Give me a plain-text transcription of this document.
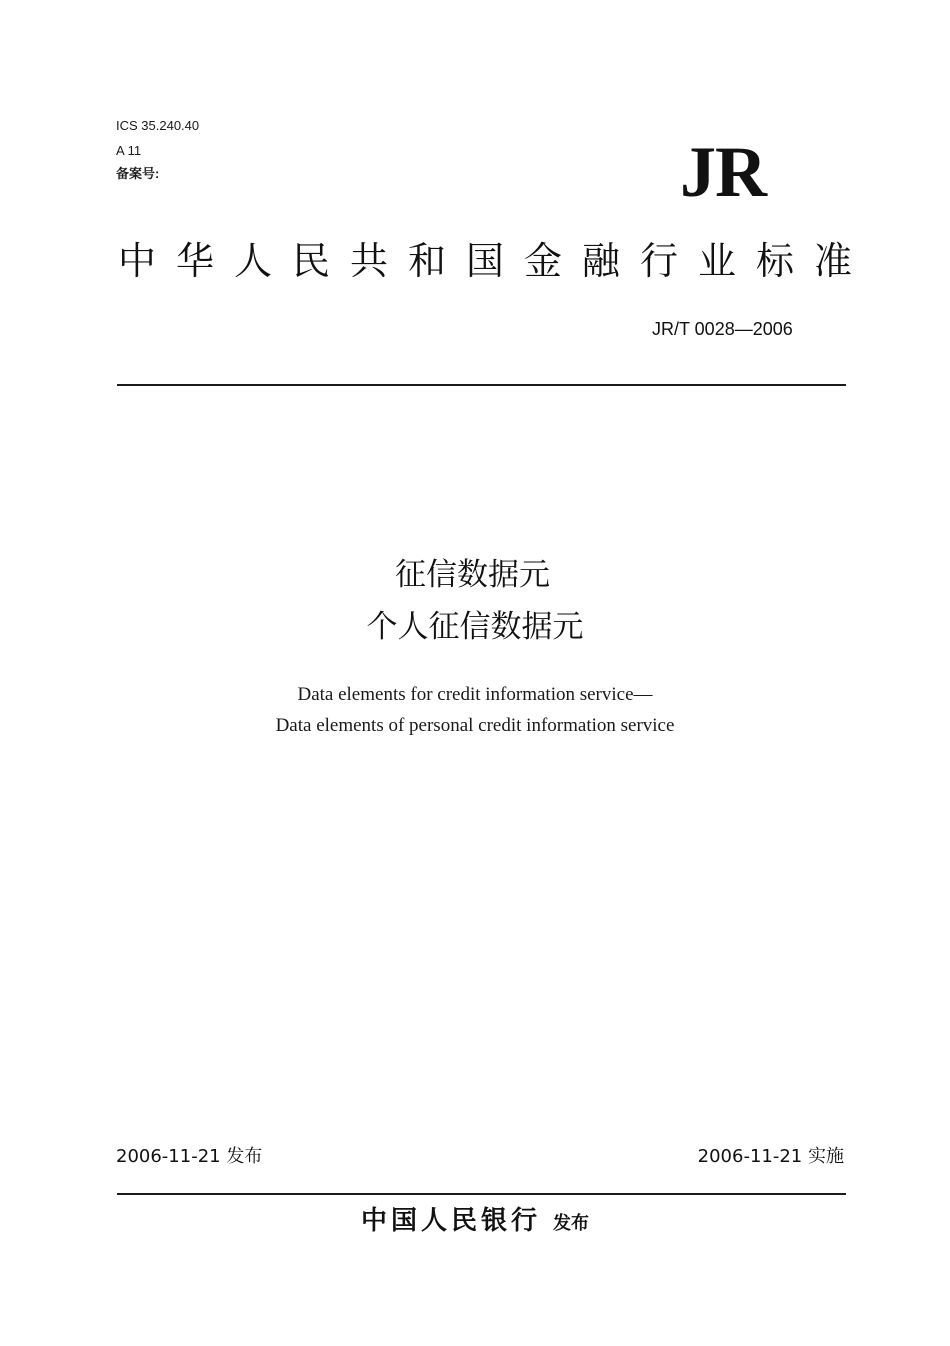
ICS 35.240.40
A 11
备案号:	JR
中华人民共和国金融行业标准
JR/T 0028—2006
征信数据元
个人征信数据元
Data elements for credit information service—
Data elements of personal credit information service
2006-11-21 发布	2006-11-21 实施
中国人民银行 发布
